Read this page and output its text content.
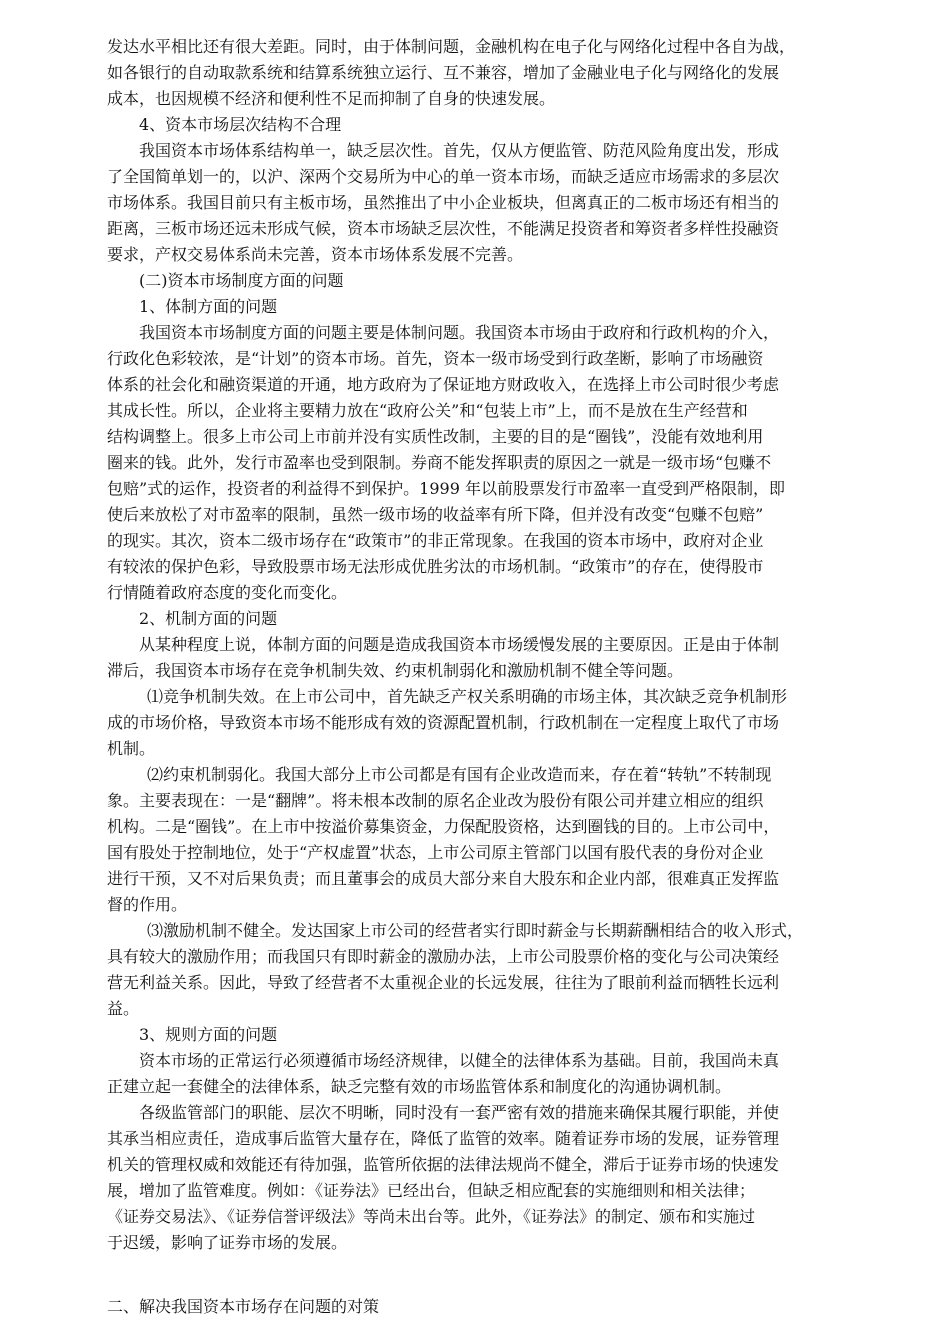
发达水平相比还有很大差距。同时，由于体制问题，金融机构在电子化与网络化过程中各自为战，
如各银行的自动取款系统和结算系统独立运行、互不兼容，增加了金融业电子化与网络化的发展
成本，也因规模不经济和便利性不足而抑制了自身的快速发展。
4、资本市场层次结构不合理
我国资本市场体系结构单一，缺乏层次性。首先，仅从方便监管、防范风险角度出发，形成
了全国简单划一的，以沪、深两个交易所为中心的单一资本市场，而缺乏适应市场需求的多层次
市场体系。我国目前只有主板市场，虽然推出了中小企业板块，但离真正的二板市场还有相当的
距离，三板市场还远未形成气候，资本市场缺乏层次性，不能满足投资者和筹资者多样性投融资
要求，产权交易体系尚未完善，资本市场体系发展不完善。
(二)资本市场制度方面的问题
1、体制方面的问题
我国资本市场制度方面的问题主要是体制问题。我国资本市场由于政府和行政机构的介入，
行政化色彩较浓，是“计划”的资本市场。首先，资本一级市场受到行政垄断，影响了市场融资
体系的社会化和融资渠道的开通，地方政府为了保证地方财政收入，在选择上市公司时很少考虑
其成长性。所以，企业将主要精力放在“政府公关”和“包装上市”上，而不是放在生产经营和
结构调整上。很多上市公司上市前并没有实质性改制，主要的目的是“圈钱”，没能有效地利用
圈来的钱。此外，发行市盈率也受到限制。券商不能发挥职责的原因之一就是一级市场“包赚不
包赔”式的运作，投资者的利益得不到保护。1999 年以前股票发行市盈率一直受到严格限制，即
使后来放松了对市盈率的限制，虽然一级市场的收益率有所下降，但并没有改变“包赚不包赔”
的现实。其次，资本二级市场存在“政策市”的非正常现象。在我国的资本市场中，政府对企业
有较浓的保护色彩，导致股票市场无法形成优胜劣汰的市场机制。“政策市”的存在，使得股市
行情随着政府态度的变化而变化。
2、机制方面的问题
从某种程度上说，体制方面的问题是造成我国资本市场缓慢发展的主要原因。正是由于体制
滞后，我国资本市场存在竞争机制失效、约束机制弱化和激励机制不健全等问题。
⑴竞争机制失效。在上市公司中，首先缺乏产权关系明确的市场主体，其次缺乏竞争机制形
成的市场价格，导致资本市场不能形成有效的资源配置机制，行政机制在一定程度上取代了市场
机制。
⑵约束机制弱化。我国大部分上市公司都是有国有企业改造而来，存在着“转轨”不转制现
象。主要表现在：一是“翻牌”。将未根本改制的原名企业改为股份有限公司并建立相应的组织
机构。二是“圈钱”。在上市中按溢价募集资金，力保配股资格，达到圈钱的目的。上市公司中，
国有股处于控制地位，处于“产权虚置”状态，上市公司原主管部门以国有股代表的身份对企业
进行干预，又不对后果负责；而且董事会的成员大部分来自大股东和企业内部，很难真正发挥监
督的作用。
⑶激励机制不健全。发达国家上市公司的经营者实行即时薪金与长期薪酬相结合的收入形式，
具有较大的激励作用；而我国只有即时薪金的激励办法，上市公司股票价格的变化与公司决策经
营无利益关系。因此，导致了经营者不太重视企业的长远发展，往往为了眼前利益而牺牲长远利
益。
3、规则方面的问题
资本市场的正常运行必须遵循市场经济规律，以健全的法律体系为基础。目前，我国尚未真
正建立起一套健全的法律体系，缺乏完整有效的市场监管体系和制度化的沟通协调机制。
各级监管部门的职能、层次不明晰，同时没有一套严密有效的措施来确保其履行职能，并使
其承当相应责任，造成事后监管大量存在，降低了监管的效率。随着证券市场的发展，证券管理
机关的管理权威和效能还有待加强，监管所依据的法律法规尚不健全，滞后于证券市场的快速发
展，增加了监管难度。例如：《证券法》已经出台，但缺乏相应配套的实施细则和相关法律；
《证券交易法》、《证券信誉评级法》等尚未出台等。此外，《证券法》的制定、颁布和实施过
于迟缓，影响了证券市场的发展。
二、解决我国资本市场存在问题的对策
